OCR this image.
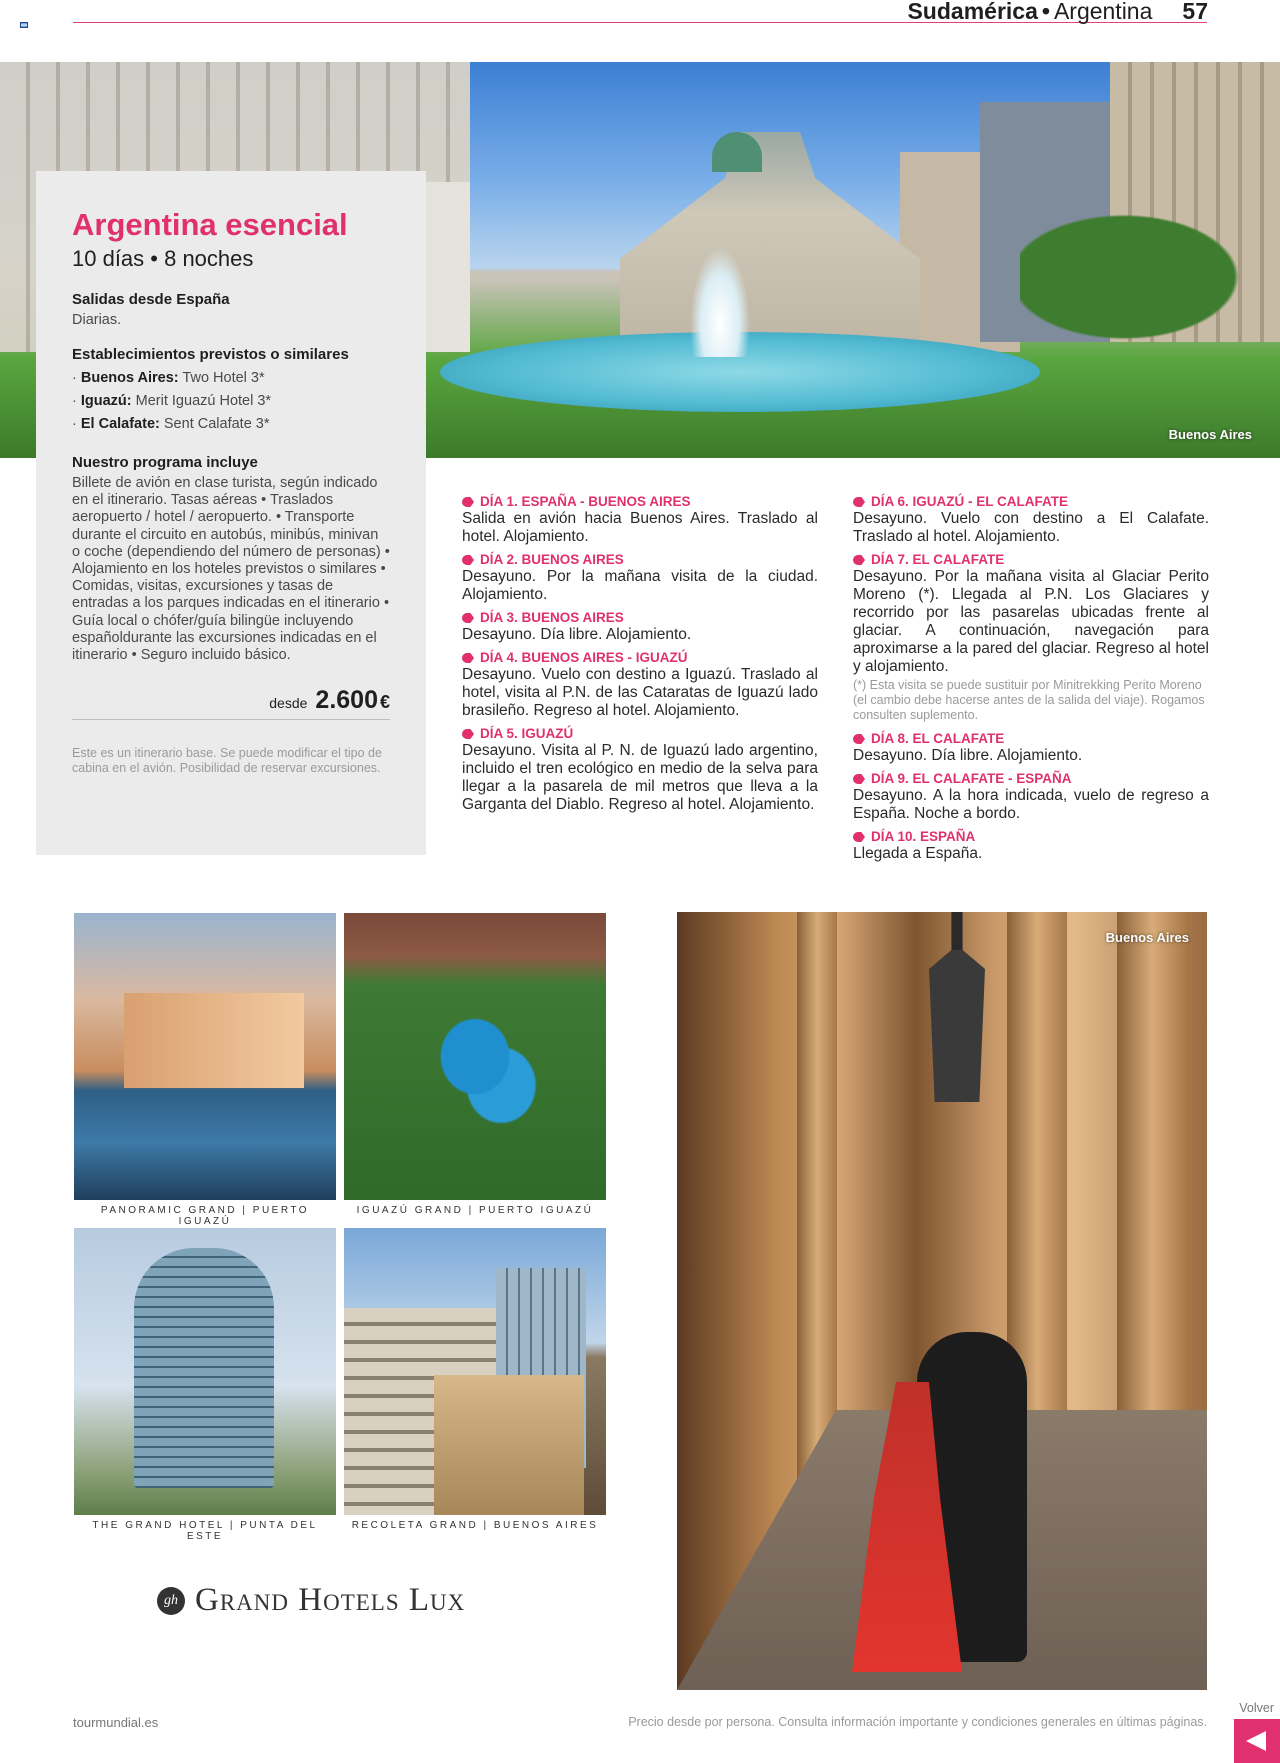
Sudamérica • Argentina 57
Buenos Aires
Argentina esencial
10 días • 8 noches
Salidas desde España
Diarias.
Establecimientos previstos o similares
· Buenos Aires: Two Hotel 3*
· Iguazú: Merit Iguazú Hotel 3*
· El Calafate: Sent Calafate 3*
Nuestro programa incluye
Billete de avión en clase turista, según indicado en el itinerario. Tasas aéreas • Traslados aeropuerto / hotel / aeropuerto. • Transporte durante el circuito en autobús, minibús, minivan o coche (dependiendo del número de personas) • Alojamiento en los hoteles previstos o similares • Comidas, visitas, excursiones y tasas de entradas a los parques indicadas en el itinerario • Guía local o chófer/guía bilingüe incluyendo españoldurante las excursiones indicadas en el itinerario • Seguro incluido básico.
desde 2.600 €
Este es un itinerario base. Se puede modificar el tipo de cabina en el avión. Posibilidad de reservar excursiones.
DÍA 1. ESPAÑA - BUENOS AIRES
Salida en avión hacia Buenos Aires. Traslado al hotel. Alojamiento.
DÍA 2. BUENOS AIRES
Desayuno. Por la mañana visita de la ciudad. Alojamiento.
DÍA 3. BUENOS AIRES
Desayuno. Día libre. Alojamiento.
DÍA 4. BUENOS AIRES - IGUAZÚ
Desayuno. Vuelo con destino a Iguazú. Traslado al hotel, visita al P.N. de las Cataratas de Iguazú lado brasileño. Regreso al hotel. Alojamiento.
DÍA 5. IGUAZÚ
Desayuno. Visita al P. N. de Iguazú lado argentino, incluido el tren ecológico en medio de la selva para llegar a la pasarela de mil metros que lleva a la Garganta del Diablo. Regreso al hotel. Alojamiento.
DÍA 6. IGUAZÚ - EL CALAFATE
Desayuno. Vuelo con destino a El Calafate. Traslado al hotel. Alojamiento.
DÍA 7. EL CALAFATE
Desayuno. Por la mañana visita al Glaciar Perito Moreno (*). Llegada al P.N. Los Glaciares y recorrido por las pasarelas ubicadas frente al glaciar. A continuación, navegación para aproximarse a la pared del glaciar. Regreso al hotel y alojamiento.
(*) Esta visita se puede sustituir por Minitrekking Perito Moreno (el cambio debe hacerse antes de la salida del viaje). Rogamos consulten suplemento.
DÍA 8. EL CALAFATE
Desayuno. Día libre. Alojamiento.
DÍA 9. EL CALAFATE - ESPAÑA
Desayuno. A la hora indicada, vuelo de regreso a España. Noche a bordo.
DÍA 10. ESPAÑA
Llegada a España.
PANORAMIC GRAND | PUERTO IGUAZÚ
IGUAZÚ GRAND | PUERTO IGUAZÚ
THE GRAND HOTEL | PUNTA DEL ESTE
RECOLETA GRAND | BUENOS AIRES
gh Grand Hotels Lux
Buenos Aires
tourmundial.es	Precio desde por persona. Consulta información importante y condiciones generales en últimas páginas.
Volver
